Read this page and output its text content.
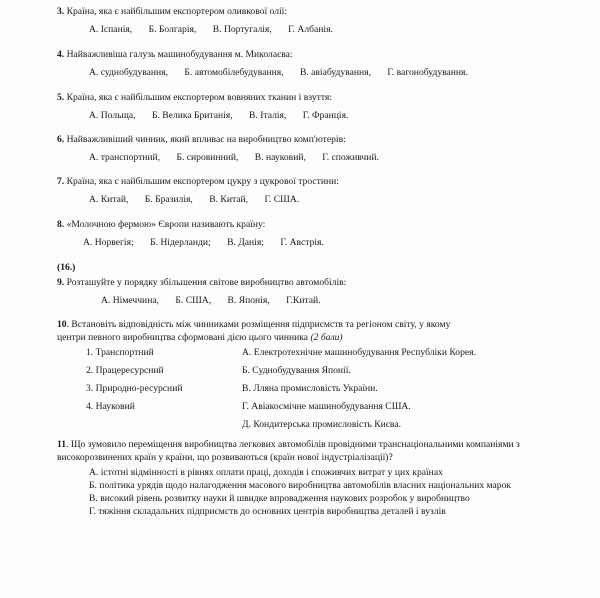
3. Країна, яка є найбільшим експортером оливкової олії:
А. Іспанія, Б. Болгарія, В. Португалія, Г. Албанія.
4. Найважливіша галузь машинобудування м. Миколаєва:
А. суднобудування, Б. автомобілебудування, В. авіабудування, Г. вагонобудування.
5. Країна, яка є найбільшим експортером вовняних тканин і взуття:
А. Польща, Б. Велика Британія, В. Італія, Г. Франція.
6. Найважливіший чинник, який впливає на виробництво комп'ютерів:
А. транспортний, Б. сировинний, В. науковий, Г. споживчий.
7. Країна, яка є найбільшим експортером цукру з цукрової тростини:
А. Китай, Б. Бразилія, В. Китай, Г. США.
8. «Молочною фермою» Європи називають країну:
А. Норвегія; Б. Нідерланди; В. Данія; Г. Австрія.
(16.)
9. Розташуйте у порядку збільшення світове виробництво автомобілів:
А. Німеччина, Б. США, В. Японія, Г.Китай.
10. Встановіть відповідність між чинниками розміщення підприємств та регіоном світу, у якому
центри певного виробництва сформовані дією цього чинника (2 бали)
1. Транспортний	А. Електротехнічне машинобудування Республіки Корея.
2. Працересурсний	Б. Суднобудування Японії.
3. Природно-ресурсний	В. Лляна промисловість України.
4. Науковий	Г. Авіакосмічне машинобудування США.
Д. Кондитерська промисловість Києва.
11. Що зумовило переміщення виробництва легкових автомобілів провідними транснаціональними компаніями з високорозвинених країн у країни, що розвиваються (країн нової індустріалізації)?
А. істотні відмінності в рівнях оплати праці, доходів і споживчих витрат у цих країнах
Б. політика урядів щодо налагодження масового виробництва автомобілів власних національних марок
В. високий рівень розвитку науки й швидке впровадження наукових розробок у виробництво
Г. тяжіння складальних підприємств до основних центрів виробництва деталей і вузлів
